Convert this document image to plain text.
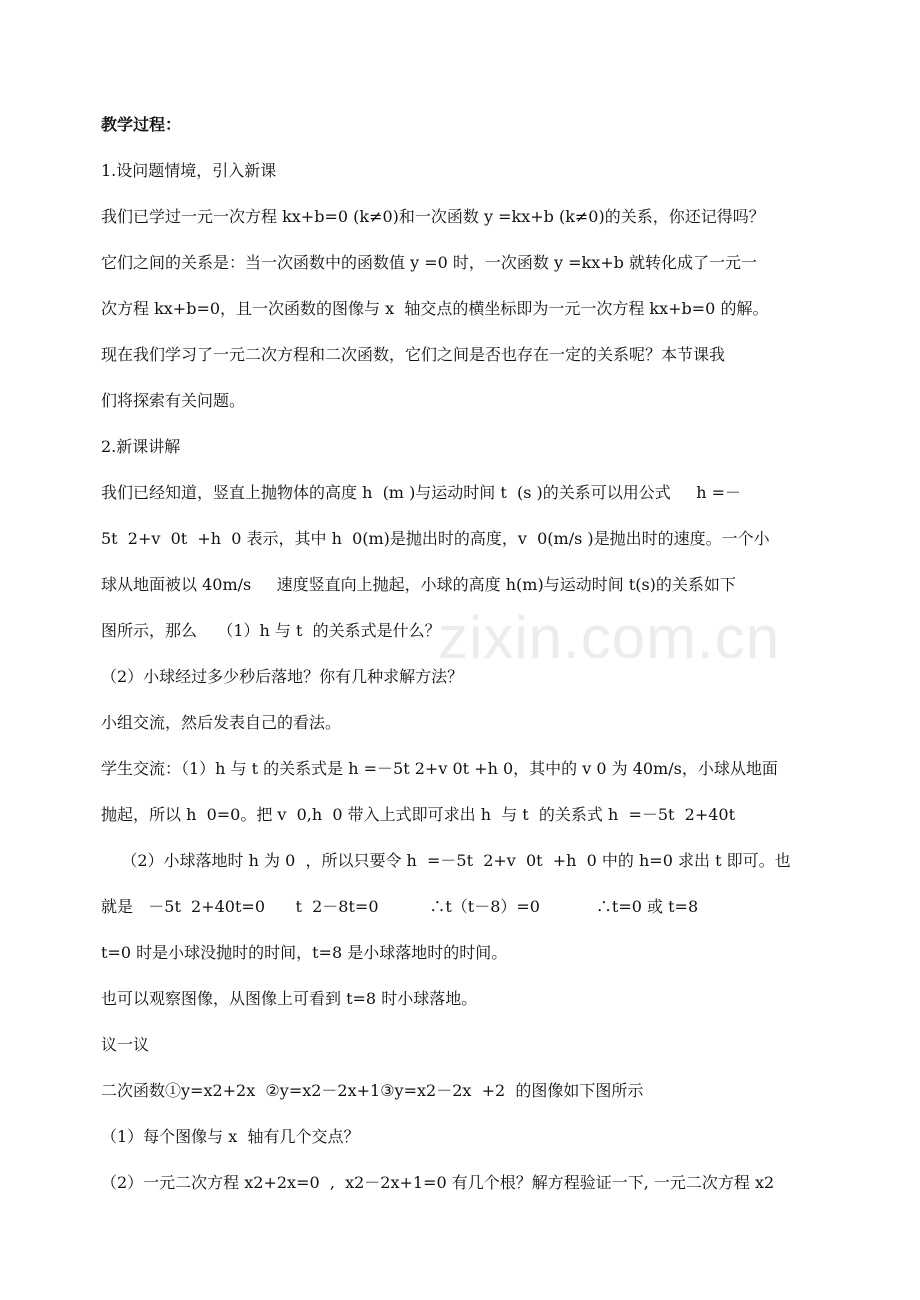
教学过程：
1.设问题情境，引入新课
我们已学过一元一次方程 kx+b=0 (k≠0)和一次函数 y =kx+b (k≠0)的关系，你还记得吗？
它们之间的关系是：当一次函数中的函数值 y =0 时，一次函数 y =kx+b 就转化成了一元一
次方程 kx+b=0，且一次函数的图像与 x  轴交点的横坐标即为一元一次方程 kx+b=0 的解。
现在我们学习了一元二次方程和二次函数，它们之间是否也存在一定的关系呢？本节课我
们将探索有关问题。
2.新课讲解
我们已经知道，竖直上抛物体的高度 h  (m )与运动时间 t  (s )的关系可以用公式     h =－
5t  2+v  0t  +h  0 表示，其中 h  0(m)是抛出时的高度，v  0(m/s )是抛出时的速度。一个小
球从地面被以 40m/s     速度竖直向上抛起，小球的高度 h(m)与运动时间 t(s)的关系如下
图所示，那么    （1）h 与 t  的关系式是什么？
（2）小球经过多少秒后落地？你有几种求解方法？
小组交流，然后发表自己的看法。
学生交流：（1）h 与 t 的关系式是 h =－5t 2+v 0t +h 0，其中的 v 0 为 40m/s，小球从地面
抛起，所以 h  0=0。把 v  0,h  0 带入上式即可求出 h  与 t  的关系式 h  =－5t  2+40t
（2）小球落地时 h 为 0  ，所以只要令 h  =－5t  2+v  0t  +h  0 中的 h=0 求出 t 即可。也
就是   －5t  2+40t=0      t  2－8t=0          ∴t（t－8）=0           ∴t=0 或 t=8
t=0 时是小球没抛时的时间，t=8 是小球落地时的时间。
也可以观察图像，从图像上可看到 t=8 时小球落地。
议一议
二次函数①y=x2+2x  ②y=x2－2x+1③y=x2－2x  +2  的图像如下图所示
（1）每个图像与 x  轴有几个交点？
（2）一元二次方程 x2+2x=0  ,  x2－2x+1=0 有几个根？解方程验证一下, 一元二次方程 x2
zixin.com.cn
